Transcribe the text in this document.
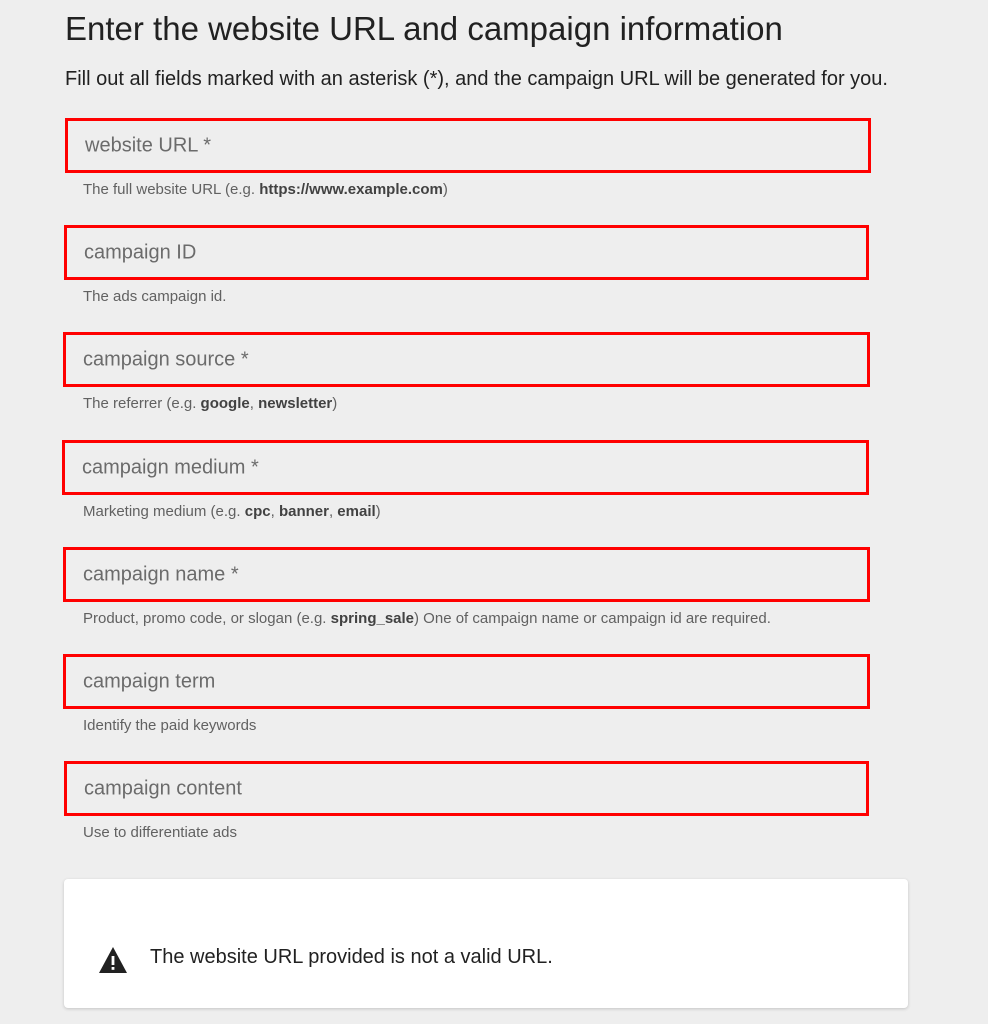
Enter the website URL and campaign information
Fill out all fields marked with an asterisk (*), and the campaign URL will be generated for you.
website URL *
The full website URL (e.g. https://www.example.com)
campaign ID
The ads campaign id.
campaign source *
The referrer (e.g. google, newsletter)
campaign medium *
Marketing medium (e.g. cpc, banner, email)
campaign name *
Product, promo code, or slogan (e.g. spring_sale) One of campaign name or campaign id are required.
campaign term
Identify the paid keywords
campaign content
Use to differentiate ads
The website URL provided is not a valid URL.
